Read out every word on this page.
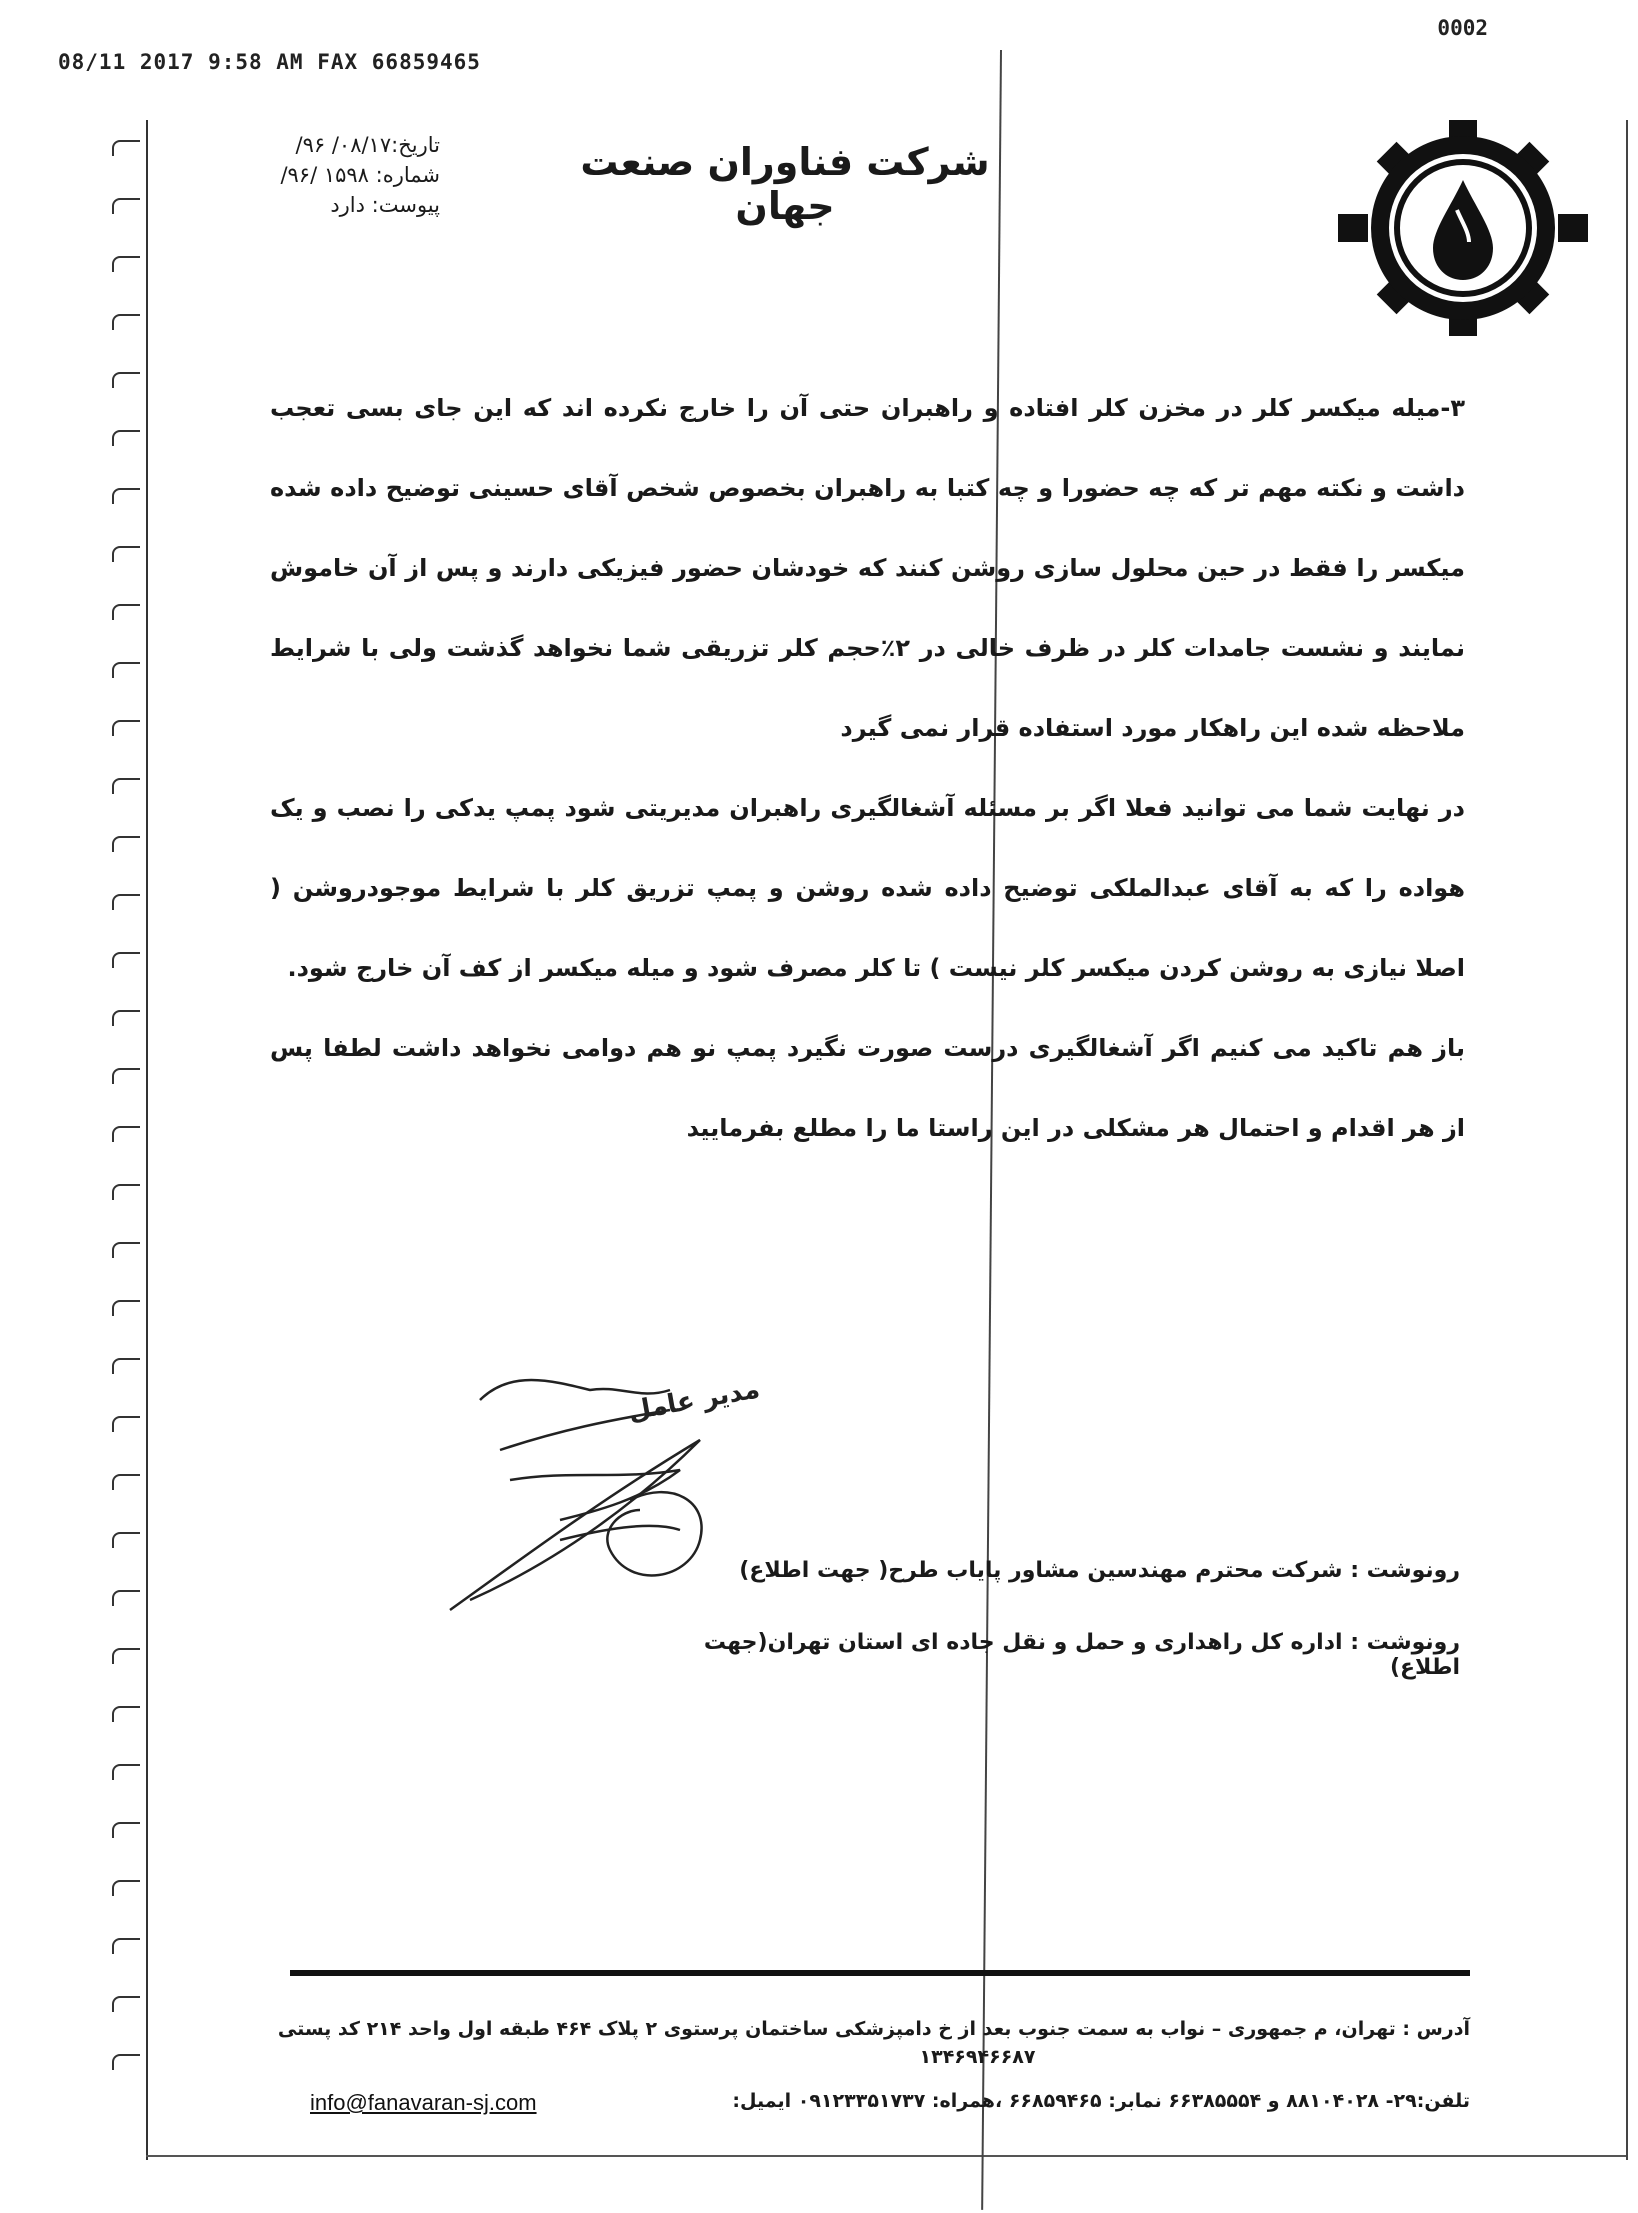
08/11 2017 9:58 AM FAX 66859465
0002
شرکت فناوران صنعت جهان
تاریخ:۰۸/۱۷/ ۹۶/
شماره: ۱۵۹۸ /۹۶/
پیوست: دارد

۳-میله میکسر کلر در مخزن کلر افتاده و راهبران حتی آن را خارج نکرده اند که این جای بسی تعجب داشت و نکته مهم تر که چه حضورا و چه کتبا به راهبران بخصوص شخص آقای حسینی توضیح داده شده میکسر را فقط در حین محلول سازی روشن کنند که خودشان حضور فیزیکی دارند و پس از آن خاموش نمایند و نشست جامدات کلر در ظرف خالی در ۲٪حجم کلر تزریقی شما نخواهد گذشت ولی با شرایط ملاحظه شده این راهکار مورد استفاده قرار نمی گیرد

در نهایت شما می توانید فعلا اگر بر مسئله آشغالگیری راهبران مدیریتی شود پمپ یدکی را نصب و یک هواده را که به آقای عبدالملکی توضیح داده شده روشن و پمپ تزریق کلر با شرایط موجودروشن ( اصلا نیازی به روشن کردن میکسر کلر نیست ) تا کلر مصرف شود و میله میکسر از کف آن خارج شود.

باز هم تاکید می کنیم اگر آشغالگیری درست صورت نگیرد پمپ نو هم دوامی نخواهد داشت لطفا پس از هر اقدام و احتمال هر مشکلی در این راستا ما را مطلع بفرمایید

مدیر عامل
رونوشت : شرکت محترم مهندسین مشاور پایاب طرح( جهت اطلاع)
رونوشت : اداره کل راهداری و حمل و نقل جاده ای استان تهران(جهت اطلاع)
آدرس : تهران، م جمهوری – نواب به سمت جنوب بعد از خ دامپزشکی ساختمان پرستوی ۲ پلاک ۴۶۴ طبقه اول واحد ۲۱۴ کد پستی
۱۳۴۶۹۴۶۶۸۷
تلفن:۲۹- ۸۸۱۰۴۰۲۸ و ۶۶۳۸۵۵۵۴ نمابر: ۶۶۸۵۹۴۶۵ ،همراه: ۰۹۱۲۳۳۵۱۷۳۷ ایمیل:
info@fanavaran-sj.com
